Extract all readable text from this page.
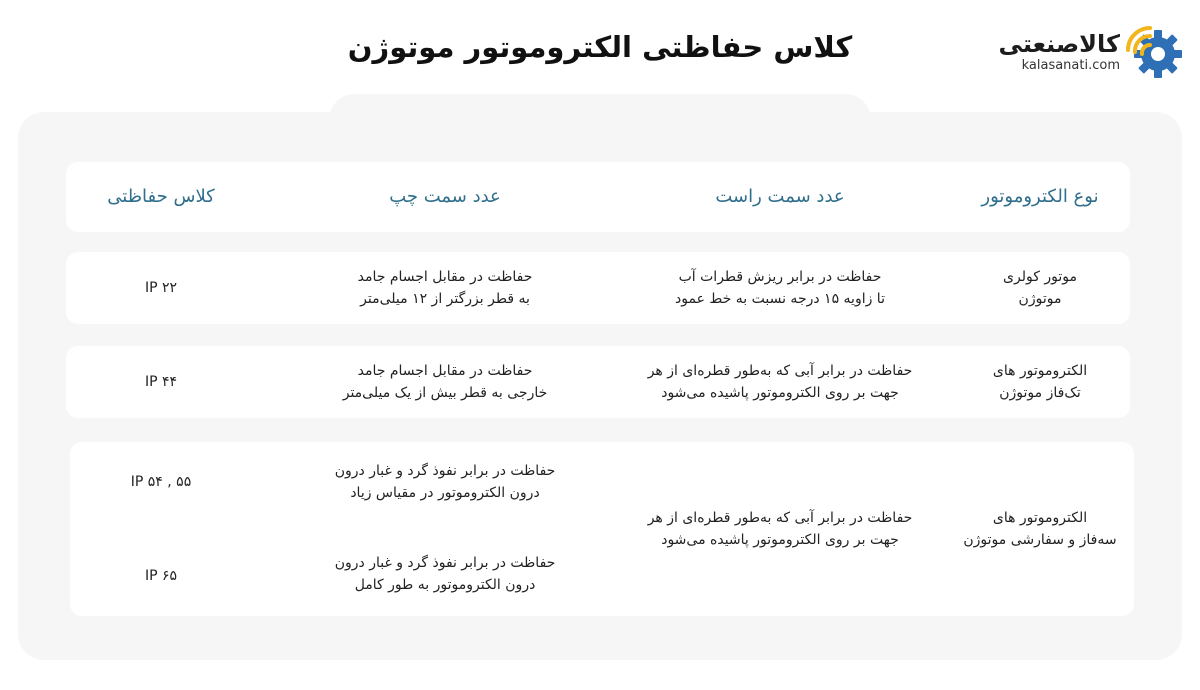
کلاس حفاظتی الکتروموتور موتوژن	کالاصنعتی
kalasanati.com
نوع الکتروموتور
عدد سمت راست
عدد سمت چپ
کلاس حفاظتی
موتور کولری
موتوژن
حفاظت در برابر ریزش قطرات آب
تا زاویه ۱۵ درجه نسبت به خط عمود
حفاظت در مقابل اجسام جامد
به قطر بزرگتر از ۱۲ میلی‌متر
IP ۲۲
الکتروموتور های
تک‌فاز موتوژن
حفاظت در برابر آبی که به‌طور قطره‌ای از هر
جهت بر روی الکتروموتور پاشیده می‌شود
حفاظت در مقابل اجسام جامد
خارجی به قطر بیش از یک میلی‌متر
IP ۴۴
الکتروموتور های
سه‌فاز و سفارشی موتوژن
حفاظت در برابر آبی که به‌طور قطره‌ای از هر
جهت بر روی الکتروموتور پاشیده می‌شود
حفاظت در برابر نفوذ گرد و غبار درون
درون الکتروموتور در مقیاس زیاد
IP ۵۴ , ۵۵
حفاظت در برابر نفوذ گرد و غبار درون
درون الکتروموتور به طور کامل
IP ۶۵
